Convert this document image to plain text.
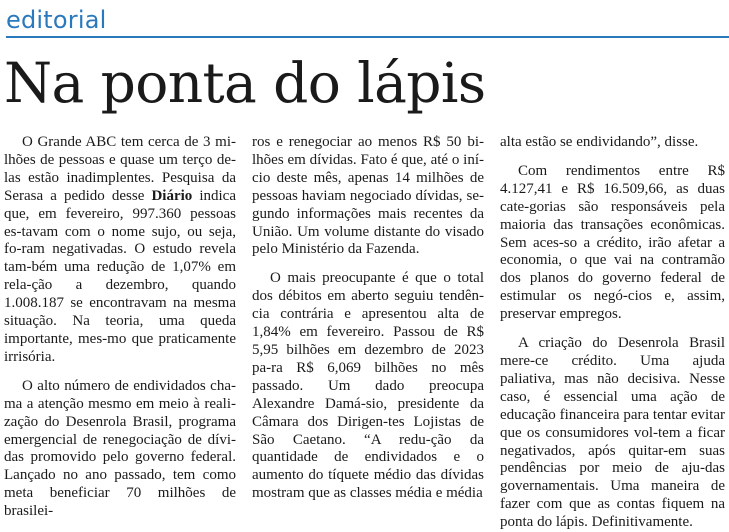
editorial
Na ponta do lápis

O Grande ABC tem cerca de 3 mi-lhões de pessoas e quase um terço de-las estão inadimplentes. Pesquisa da Serasa a pedido desse Diário indica que, em fevereiro, 997.360 pessoas es-tavam com o nome sujo, ou seja, fo-ram negativadas. O estudo revela tam-bém uma redução de 1,07% em rela-ção a dezembro, quando 1.008.187 se encontravam na mesma situação. Na teoria, uma queda importante, mes-mo que praticamente irrisória.

O alto número de endividados cha-ma a atenção mesmo em meio à reali-zação do Desenrola Brasil, programa emergencial de renegociação de dívi-das promovido pelo governo federal. Lançado no ano passado, tem como meta beneficiar 70 milhões de brasilei-

ros e renegociar ao menos R$ 50 bi-lhões em dívidas. Fato é que, até o iní-cio deste mês, apenas 14 milhões de pessoas haviam negociado dívidas, se-gundo informações mais recentes da União. Um volume distante do visado pelo Ministério da Fazenda.

O mais preocupante é que o total dos débitos em aberto seguiu tendên-cia contrária e apresentou alta de 1,84% em fevereiro. Passou de R$ 5,95 bilhões em dezembro de 2023 pa-ra R$ 6,069 bilhões no mês passado. Um dado preocupa Alexandre Damá-sio, presidente da Câmara dos Dirigen-tes Lojistas de São Caetano. “A redu-ção da quantidade de endividados e o aumento do tíquete médio das dívidas mostram que as classes média e média

alta estão se endividando”, disse.

Com rendimentos entre R$ 4.127,41 e R$ 16.509,66, as duas cate-gorias são responsáveis pela maioria das transações econômicas. Sem aces-so a crédito, irão afetar a economia, o que vai na contramão dos planos do governo federal de estimular os negó-cios e, assim, preservar empregos.

A criação do Desenrola Brasil mere-ce crédito. Uma ajuda paliativa, mas não decisiva. Nesse caso, é essencial uma ação de educação financeira para tentar evitar que os consumidores vol-tem a ficar negativados, após quitar-em suas pendências por meio de aju-das governamentais. Uma maneira de fazer com que as contas fiquem na ponta do lápis. Definitivamente.
